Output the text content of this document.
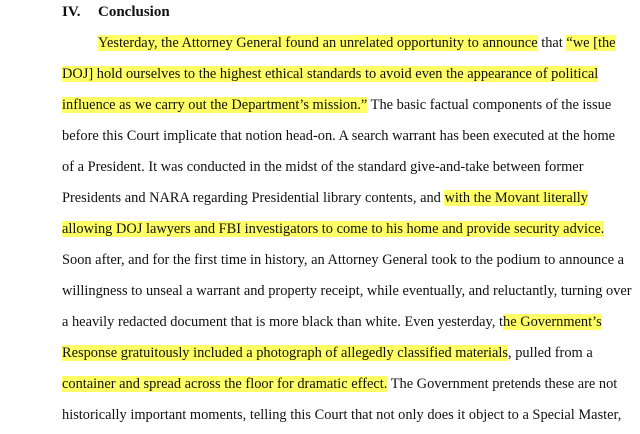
IV. Conclusion
Yesterday, the Attorney General found an unrelated opportunity to announce that “we [the
DOJ] hold ourselves to the highest ethical standards to avoid even the appearance of political
influence as we carry out the Department’s mission.” The basic factual components of the issue
before this Court implicate that notion head-on. A search warrant has been executed at the home
of a President. It was conducted in the midst of the standard give-and-take between former
Presidents and NARA regarding Presidential library contents, and with the Movant literally
allowing DOJ lawyers and FBI investigators to come to his home and provide security advice.
Soon after, and for the first time in history, an Attorney General took to the podium to announce a
willingness to unseal a warrant and property receipt, while eventually, and reluctantly, turning over
a heavily redacted document that is more black than white. Even yesterday, the Government’s
Response gratuitously included a photograph of allegedly classified materials, pulled from a
container and spread across the floor for dramatic effect. The Government pretends these are not
historically important moments, telling this Court that not only does it object to a Special Master,
